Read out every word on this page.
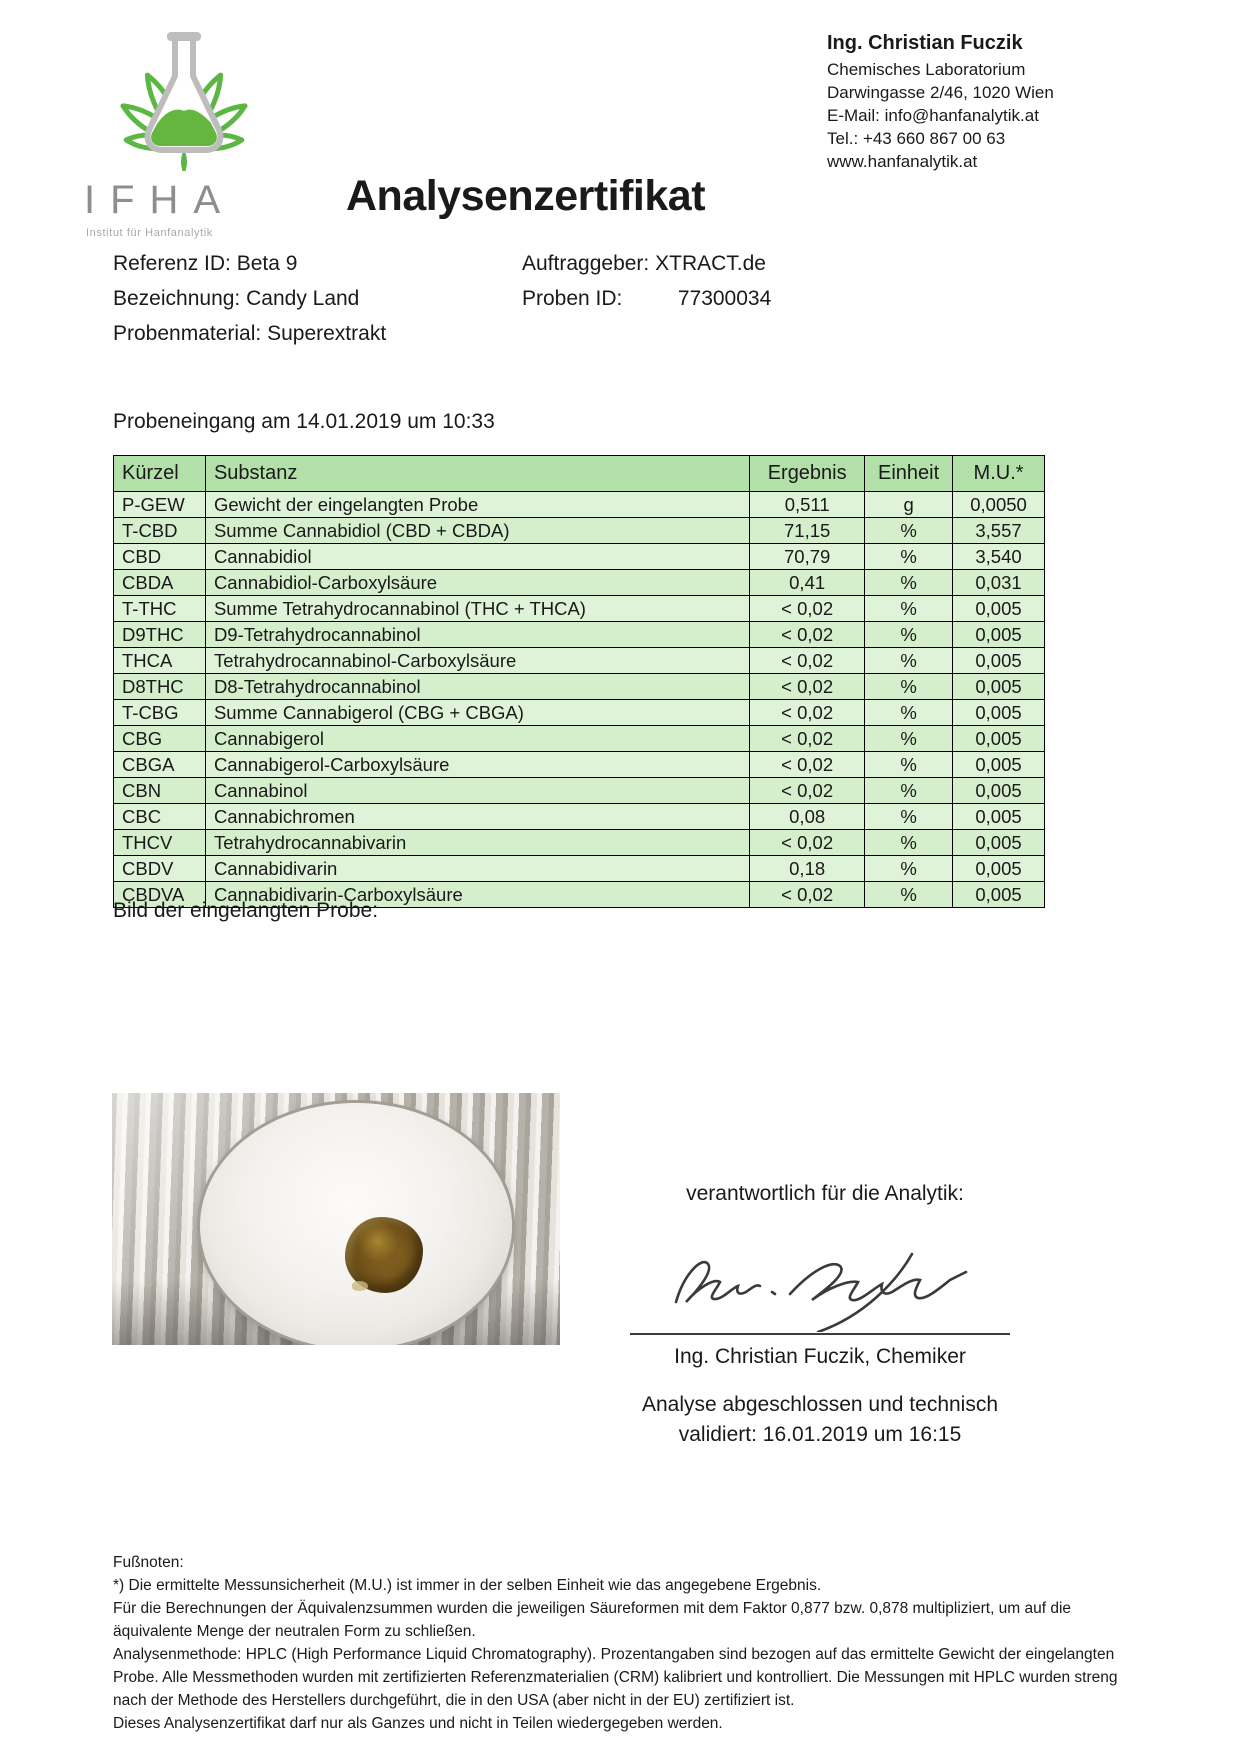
IFHA
Institut für Hanfanalytik
Ing. Christian Fuczik
Chemisches Laboratorium
Darwingasse 2/46, 1020 Wien
E-Mail: info@hanfanalytik.at
Tel.: +43 660 867 00 63
www.hanfanalytik.at
Analysenzertifikat
Referenz ID: Beta 9
Bezeichnung: Candy Land
Probenmaterial: Superextrakt
Auftraggeber: XTRACT.de
Proben ID:	77300034
Probeneingang am 14.01.2019 um 10:33
Kürzel	Substanz	Ergebnis	Einheit	M.U.*
P-GEW	Gewicht der eingelangten Probe	0,511	g	0,0050
T-CBD	Summe Cannabidiol (CBD + CBDA)	71,15	%	3,557
CBD	Cannabidiol	70,79	%	3,540
CBDA	Cannabidiol-Carboxylsäure	0,41	%	0,031
T-THC	Summe Tetrahydrocannabinol (THC + THCA)	< 0,02	%	0,005
D9THC	D9-Tetrahydrocannabinol	< 0,02	%	0,005
THCA	Tetrahydrocannabinol-Carboxylsäure	< 0,02	%	0,005
D8THC	D8-Tetrahydrocannabinol	< 0,02	%	0,005
T-CBG	Summe Cannabigerol (CBG + CBGA)	< 0,02	%	0,005
CBG	Cannabigerol	< 0,02	%	0,005
CBGA	Cannabigerol-Carboxylsäure	< 0,02	%	0,005
CBN	Cannabinol	< 0,02	%	0,005
CBC	Cannabichromen	0,08	%	0,005
THCV	Tetrahydrocannabivarin	< 0,02	%	0,005
CBDV	Cannabidivarin	0,18	%	0,005
CBDVA	Cannabidivarin-Carboxylsäure	< 0,02	%	0,005
Bild der eingelangten Probe:
verantwortlich für die Analytik:
Ing. Christian Fuczik, Chemiker
Analyse abgeschlossen und technisch
validiert: 16.01.2019 um 16:15

Fußnoten:

*) Die ermittelte Messunsicherheit (M.U.) ist immer in der selben Einheit wie das angegebene Ergebnis.

Für die Berechnungen der Äquivalenzsummen wurden die jeweiligen Säureformen mit dem Faktor 0,877 bzw. 0,878 multipliziert, um auf die äquivalente Menge der neutralen Form zu schließen.

Analysenmethode: HPLC (High Performance Liquid Chromatography). Prozentangaben sind bezogen auf das ermittelte Gewicht der eingelangten Probe. Alle Messmethoden wurden mit zertifizierten Referenzmaterialien (CRM) kalibriert und kontrolliert. Die Messungen mit HPLC wurden streng nach der Methode des Herstellers durchgeführt, die in den USA (aber nicht in der EU) zertifiziert ist.

Dieses Analysenzertifikat darf nur als Ganzes und nicht in Teilen wiedergegeben werden.
